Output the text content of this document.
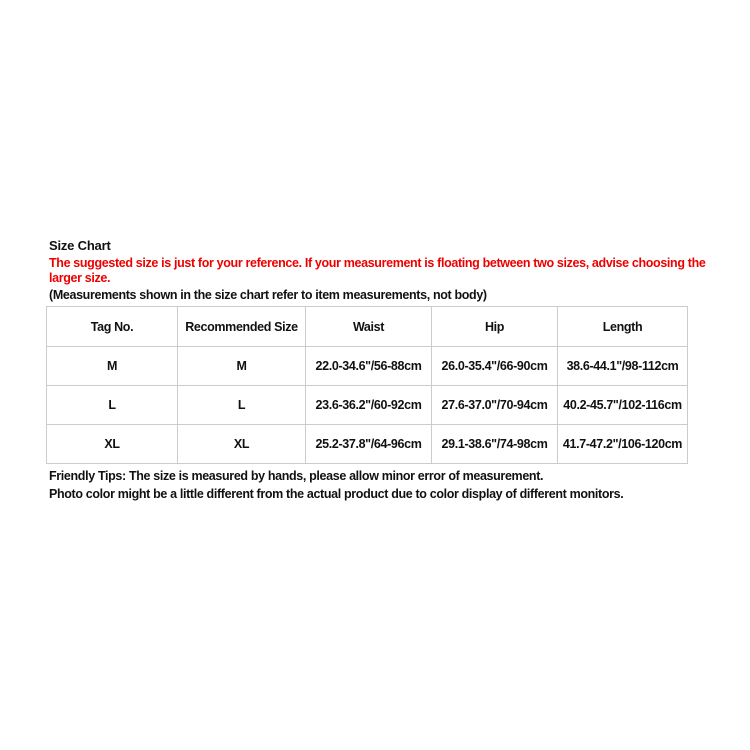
Size Chart
The suggested size is just for your reference. If your measurement is floating between two sizes, advise choosing the larger size.
(Measurements shown in the size chart refer to item measurements, not body)
Tag No.	Recommended Size	Waist	Hip	Length
M	M	22.0-34.6"/56-88cm	26.0-35.4"/66-90cm	38.6-44.1"/98-112cm
L	L	23.6-36.2"/60-92cm	27.6-37.0"/70-94cm	40.2-45.7"/102-116cm
XL	XL	25.2-37.8"/64-96cm	29.1-38.6"/74-98cm	41.7-47.2"/106-120cm
Friendly Tips: The size is measured by hands, please allow minor error of measurement.
Photo color might be a little different from the actual product due to color display of different monitors.
